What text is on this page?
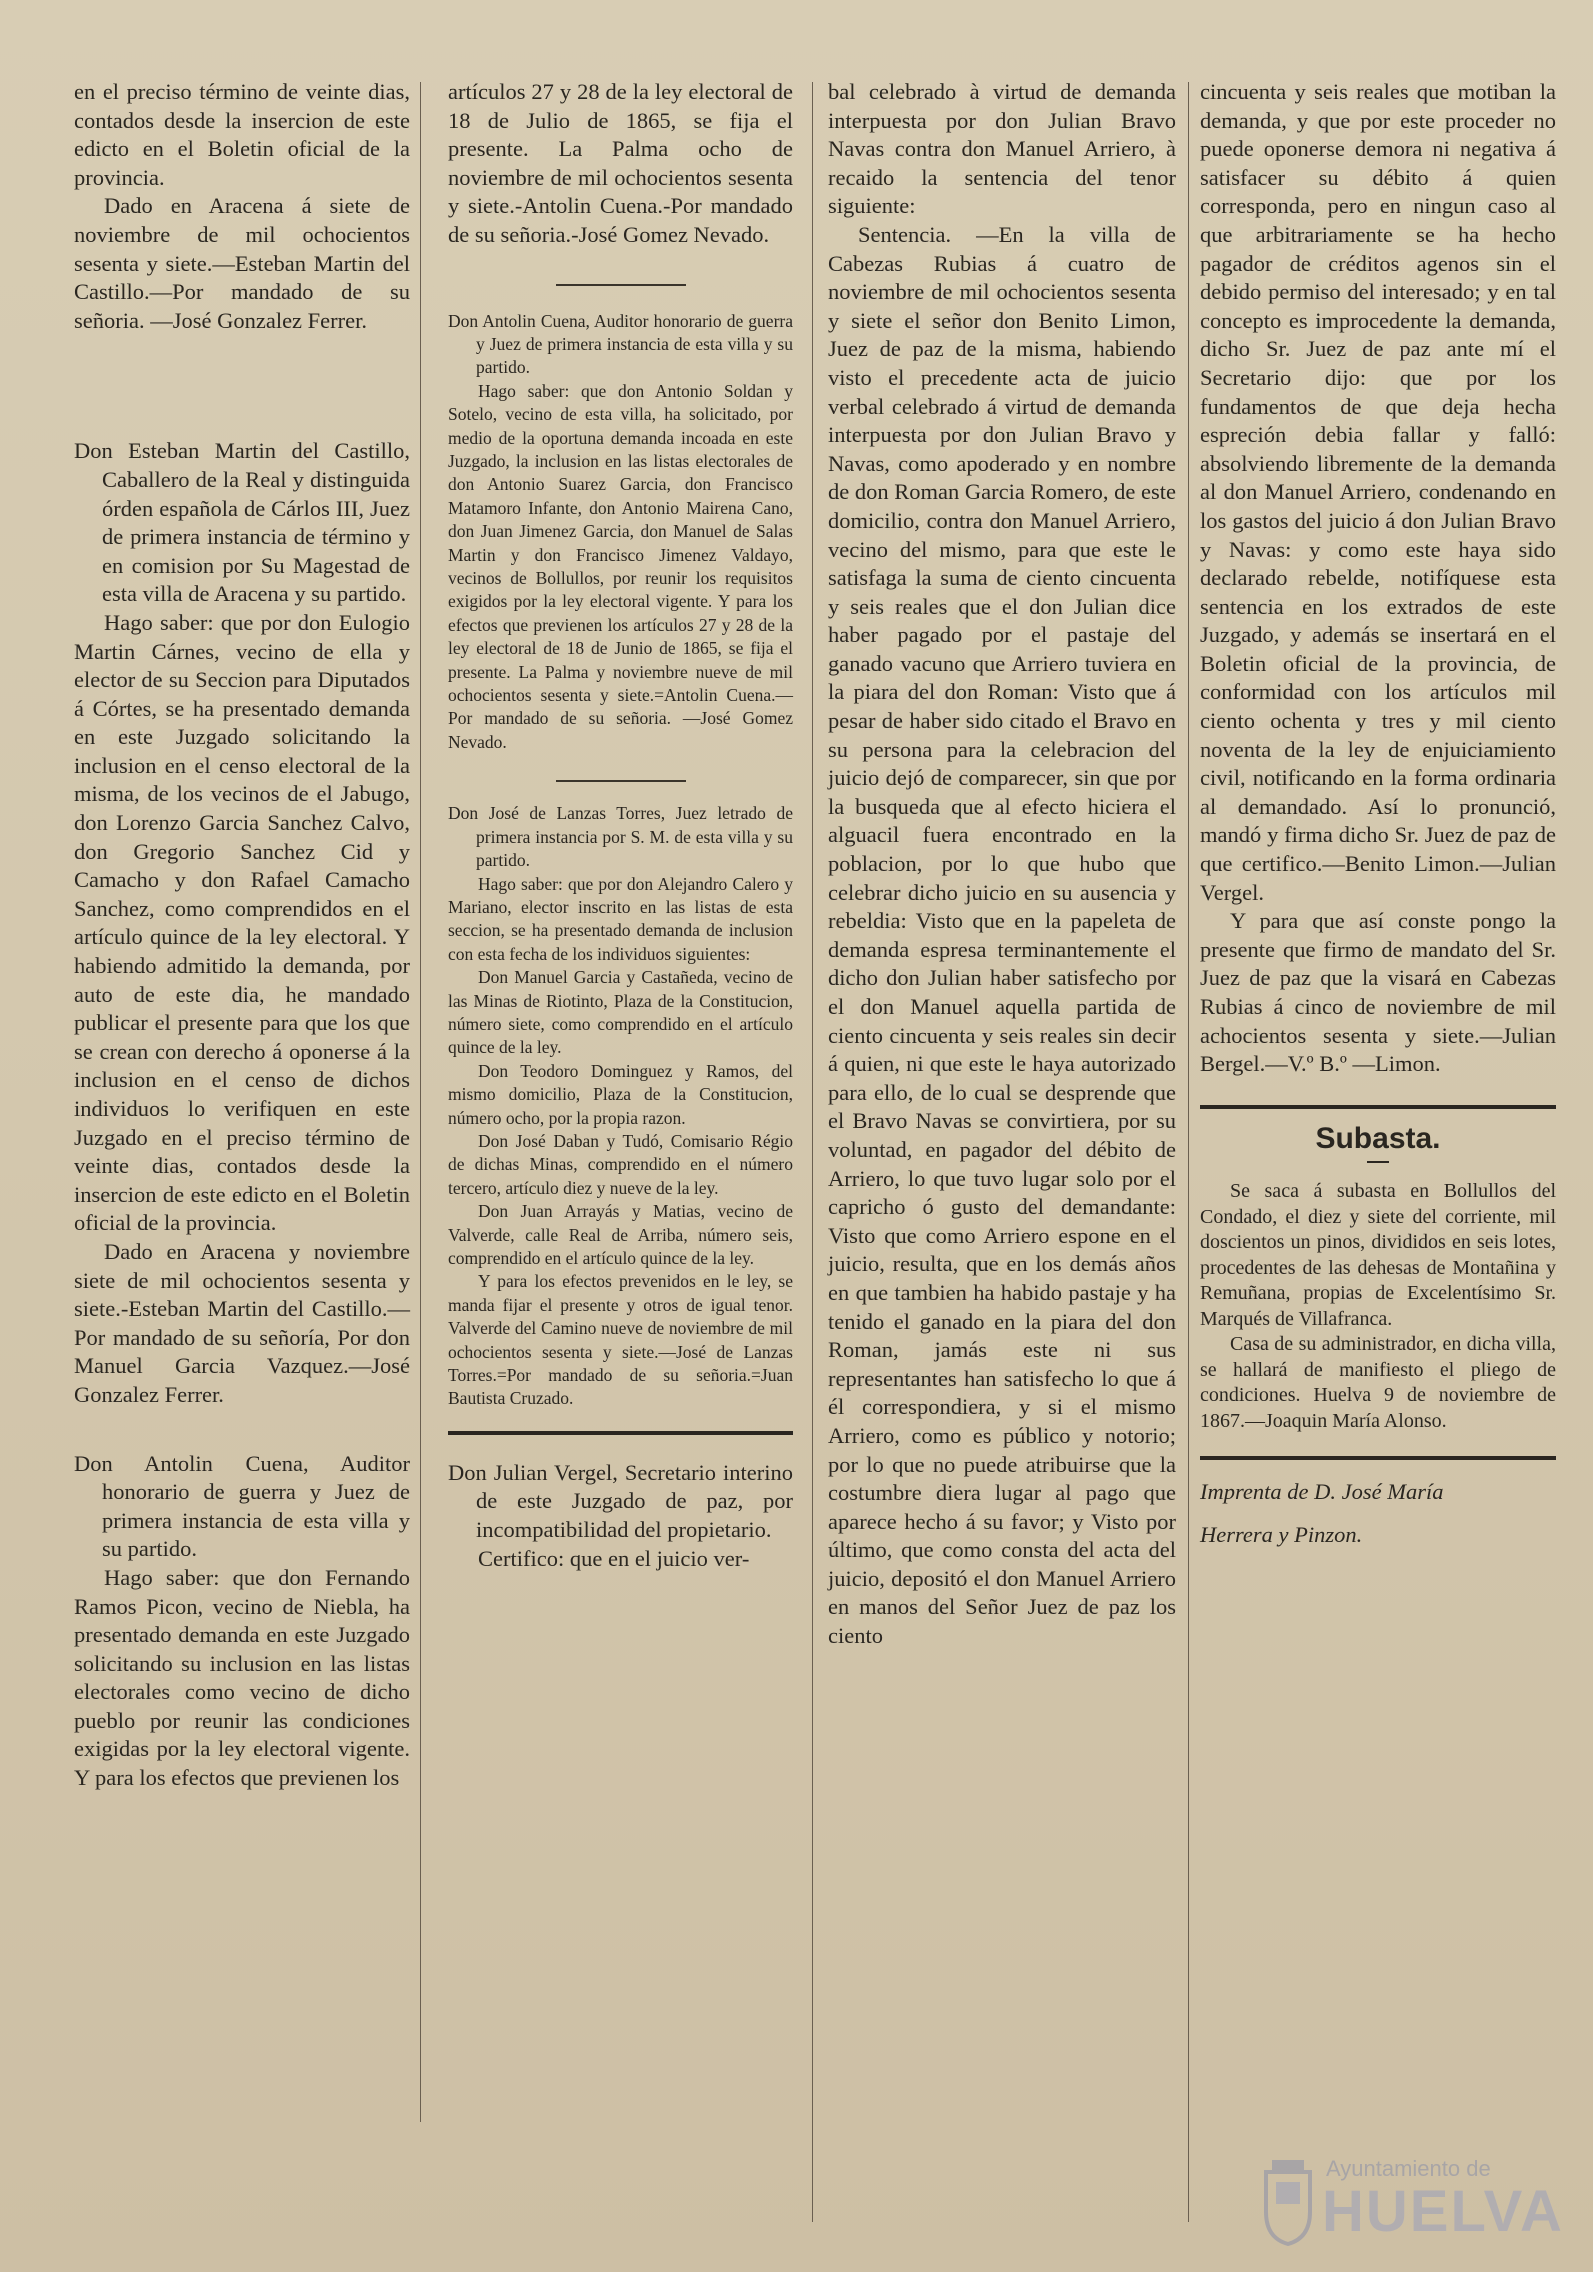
en el preciso término de veinte dias, contados desde la insercion de este edicto en el Boletin oficial de la provincia.

Dado en Aracena á siete de noviembre de mil ochocientos sesenta y siete.—Esteban Martin del Castillo.—Por mandado de su señoria. —José Gonzalez Ferrer.

Don Esteban Martin del Castillo, Caballero de la Real y distinguida órden española de Cárlos III, Juez de primera instancia de término y en comision por Su Magestad de esta villa de Aracena y su partido.

Hago saber: que por don Eulogio Martin Cárnes, vecino de ella y elector de su Seccion para Diputados á Córtes, se ha presentado demanda en este Juzgado solicitando la inclusion en el censo electoral de la misma, de los vecinos de el Jabugo, don Lorenzo Garcia Sanchez Calvo, don Gregorio Sanchez Cid y Camacho y don Rafael Camacho Sanchez, como comprendidos en el artículo quince de la ley electoral. Y habiendo admitido la demanda, por auto de este dia, he mandado publicar el presente para que los que se crean con derecho á oponerse á la inclusion en el censo de dichos individuos lo verifiquen en este Juzgado en el preciso término de veinte dias, contados desde la insercion de este edicto en el Boletin oficial de la provincia.

Dado en Aracena y noviembre siete de mil ochocientos sesenta y siete.-Esteban Martin del Castillo.—Por mandado de su señoría, Por don Manuel Garcia Vazquez.—José Gonzalez Ferrer.

Don Antolin Cuena, Auditor honorario de guerra y Juez de primera instancia de esta villa y su partido.

Hago saber: que don Fernando Ramos Picon, vecino de Niebla, ha presentado demanda en este Juzgado solicitando su inclusion en las listas electorales como vecino de dicho pueblo por reunir las condiciones exigidas por la ley electoral vigente. Y para los efectos que previenen los

artículos 27 y 28 de la ley electoral de 18 de Julio de 1865, se fija el presente. La Palma ocho de noviembre de mil ochocientos sesenta y siete.-Antolin Cuena.-Por mandado de su señoria.-José Gomez Nevado.

Don Antolin Cuena, Auditor honorario de guerra y Juez de primera instancia de esta villa y su partido.

Hago saber: que don Antonio Soldan y Sotelo, vecino de esta villa, ha solicitado, por medio de la oportuna demanda incoada en este Juzgado, la inclusion en las listas electorales de don Antonio Suarez Garcia, don Francisco Matamoro Infante, don Antonio Mairena Cano, don Juan Jimenez Garcia, don Manuel de Salas Martin y don Francisco Jimenez Valdayo, vecinos de Bollullos, por reunir los requisitos exigidos por la ley electoral vigente. Y para los efectos que previenen los artículos 27 y 28 de la ley electoral de 18 de Junio de 1865, se fija el presente. La Palma y noviembre nueve de mil ochocientos sesenta y siete.=Antolin Cuena.—Por mandado de su señoria. —José Gomez Nevado.

Don José de Lanzas Torres, Juez letrado de primera instancia por S. M. de esta villa y su partido.

Hago saber: que por don Alejandro Calero y Mariano, elector inscrito en las listas de esta seccion, se ha presentado demanda de inclusion con esta fecha de los individuos siguientes:

Don Manuel Garcia y Castañeda, vecino de las Minas de Riotinto, Plaza de la Constitucion, número siete, como comprendido en el artículo quince de la ley.

Don Teodoro Dominguez y Ramos, del mismo domicilio, Plaza de la Constitucion, número ocho, por la propia razon.

Don José Daban y Tudó, Comisario Régio de dichas Minas, comprendido en el número tercero, artículo diez y nueve de la ley.

Don Juan Arrayás y Matias, vecino de Valverde, calle Real de Arriba, número seis, comprendido en el artículo quince de la ley.

Y para los efectos prevenidos en le ley, se manda fijar el presente y otros de igual tenor. Valverde del Camino nueve de noviembre de mil ochocientos sesenta y siete.—José de Lanzas Torres.=Por mandado de su señoria.=Juan Bautista Cruzado.

Don Julian Vergel, Secretario interino de este Juzgado de paz, por incompatibilidad del propietario.

Certifico: que en el juicio ver-

bal celebrado à virtud de demanda interpuesta por don Julian Bravo Navas contra don Manuel Arriero, à recaido la sentencia del tenor siguiente:

Sentencia. —En la villa de Cabezas Rubias á cuatro de noviembre de mil ochocientos sesenta y siete el señor don Benito Limon, Juez de paz de la misma, habiendo visto el precedente acta de juicio verbal celebrado á virtud de demanda interpuesta por don Julian Bravo y Navas, como apoderado y en nombre de don Roman Garcia Romero, de este domicilio, contra don Manuel Arriero, vecino del mismo, para que este le satisfaga la suma de ciento cincuenta y seis reales que el don Julian dice haber pagado por el pastaje del ganado vacuno que Arriero tuviera en la piara del don Roman: Visto que á pesar de haber sido citado el Bravo en su persona para la celebracion del juicio dejó de comparecer, sin que por la busqueda que al efecto hiciera el alguacil fuera encontrado en la poblacion, por lo que hubo que celebrar dicho juicio en su ausencia y rebeldia: Visto que en la papeleta de demanda espresa terminantemente el dicho don Julian haber satisfecho por el don Manuel aquella partida de ciento cincuenta y seis reales sin decir á quien, ni que este le haya autorizado para ello, de lo cual se desprende que el Bravo Navas se convirtiera, por su voluntad, en pagador del débito de Arriero, lo que tuvo lugar solo por el capricho ó gusto del demandante: Visto que como Arriero espone en el juicio, resulta, que en los demás años en que tambien ha habido pastaje y ha tenido el ganado en la piara del don Roman, jamás este ni sus representantes han satisfecho lo que á él correspondiera, y si el mismo Arriero, como es público y notorio; por lo que no puede atribuirse que la costumbre diera lugar al pago que aparece hecho á su favor; y Visto por último, que como consta del acta del juicio, depositó el don Manuel Arriero en manos del Señor Juez de paz los ciento

cincuenta y seis reales que motiban la demanda, y que por este proceder no puede oponerse demora ni negativa á satisfacer su débito á quien corresponda, pero en ningun caso al que arbitrariamente se ha hecho pagador de créditos agenos sin el debido permiso del interesado; y en tal concepto es improcedente la demanda, dicho Sr. Juez de paz ante mí el Secretario dijo: que por los fundamentos de que deja hecha espreción debia fallar y falló: absolviendo libremente de la demanda al don Manuel Arriero, condenando en los gastos del juicio á don Julian Bravo y Navas: y como este haya sido declarado rebelde, notifíquese esta sentencia en los extrados de este Juzgado, y además se insertará en el Boletin oficial de la provincia, de conformidad con los artículos mil ciento ochenta y tres y mil ciento noventa de la ley de enjuiciamiento civil, notificando en la forma ordinaria al demandado. Así lo pronunció, mandó y firma dicho Sr. Juez de paz de que certifico.—Benito Limon.—Julian Vergel.

Y para que así conste pongo la presente que firmo de mandato del Sr. Juez de paz que la visará en Cabezas Rubias á cinco de noviembre de mil achocientos sesenta y siete.—Julian Bergel.—V.º B.º —Limon.

Subasta.

Se saca á subasta en Bollullos del Condado, el diez y siete del corriente, mil doscientos un pinos, divididos en seis lotes, procedentes de las dehesas de Montañina y Remuñana, propias de Excelentísimo Sr. Marqués de Villafranca.

Casa de su administrador, en dicha villa, se hallará de manifiesto el pliego de condiciones. Huelva 9 de noviembre de 1867.—Joaquin María Alonso.

Imprenta de D. José María

Herrera y Pinzon.

Ayuntamiento de
HUELVA
